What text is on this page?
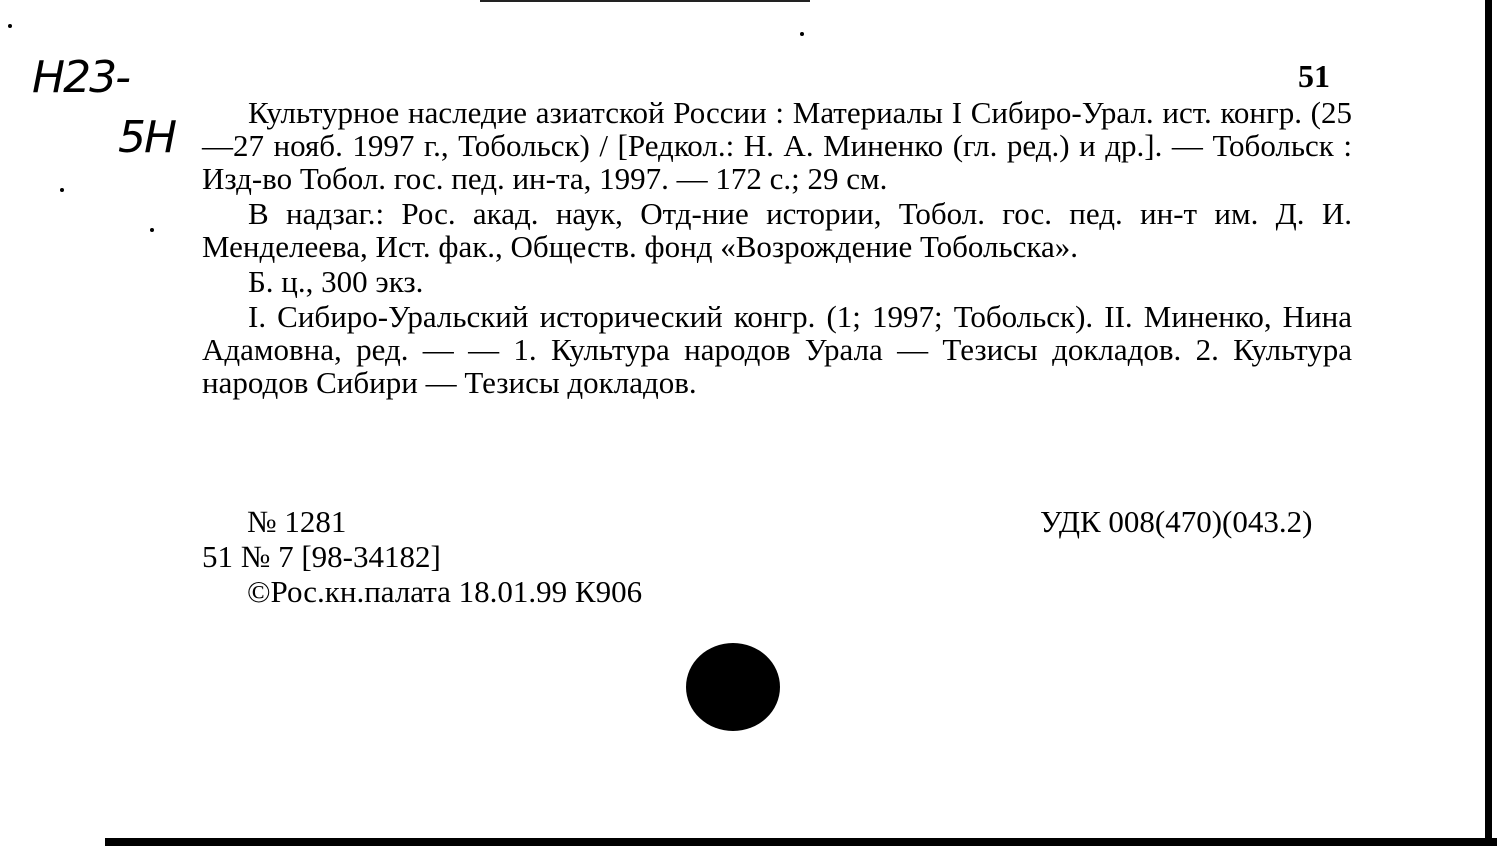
Н23-
5Н
51

Культурное наследие азиатской России : Материалы I Сибиро-Урал. ист. конгр. (25—27 нояб. 1997 г., Тобольск) / [Редкол.: Н. А. Миненко (гл. ред.) и др.]. — Тобольск : Изд-во Тобол. гос. пед. ин-та, 1997. — 172 с.; 29 см.

В надзаг.: Рос. акад. наук, Отд-ние истории, Тобол. гос. пед. ин-т им. Д. И. Менделеева, Ист. фак., Обществ. фонд «Возрождение Тобольска».

Б. ц., 300 экз.

I. Сибиро-Уральский исторический конгр. (1; 1997; Тобольск). II. Миненко, Нина Адамовна, ред. — — 1. Культура народов Урала — Тезисы докладов. 2. Культура народов Сибири — Тезисы докладов.

№ 1281	УДК 008(470)(043.2)
51 № 7 [98-34182]
©Рос.кн.палата 18.01.99 К906
